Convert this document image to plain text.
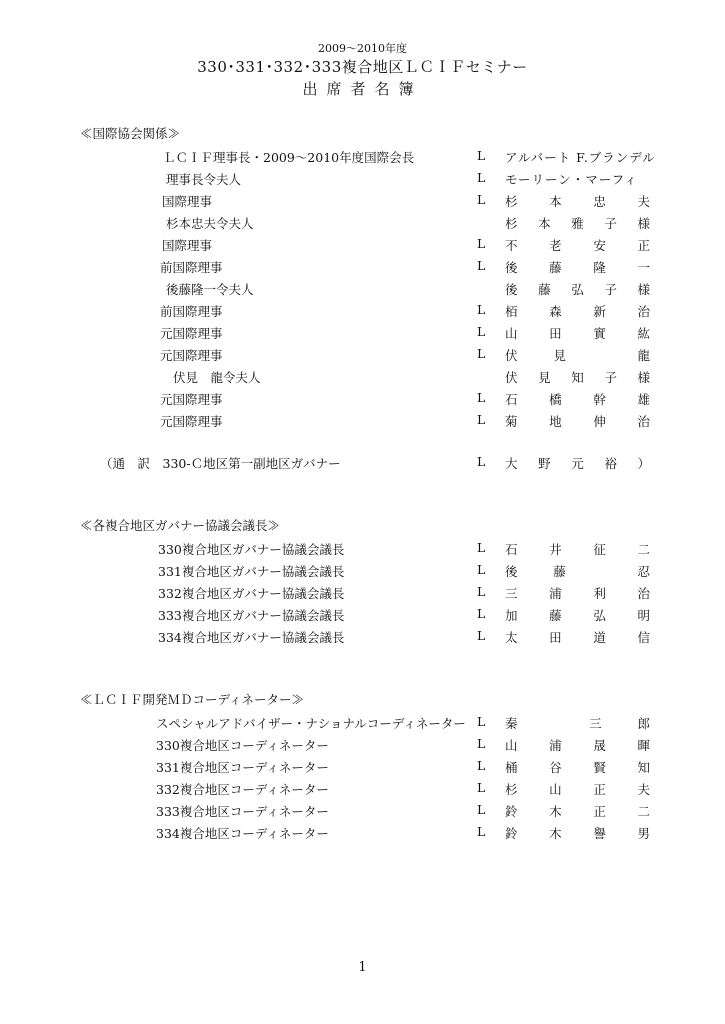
2009～2010年度
330･331･332･333複合地区ＬＣＩＦセミナー
出席者名簿
≪国際協会関係≫
ＬＣＩＦ理事長・2009～2010年度国際会長	L アルバート F.ブランデル
理事長令夫人	L モーリーン・マーフィ
国際理事	L 杉	本	忠	夫
杉本忠夫令夫人	杉 本 雅 子 様
国際理事	L 不	老	安	正
前国際理事	L 後	藤	隆	一
後藤隆一令夫人	後 藤 弘 子 様
前国際理事	L 栢	森	新	治
元国際理事	L 山	田	實	紘
元国際理事	L 伏	見	龍
伏見　龍令夫人	伏 見 知 子 様
元国際理事	L 石	橋	幹	雄
元国際理事	L 菊	地	伸	治
（通　訳　330-Ｃ地区第一副地区ガバナー	L 大 野 元 裕 ）
≪各複合地区ガバナー協議会議長≫
330複合地区ガバナー協議会議長	L 石	井	征	二
331複合地区ガバナー協議会議長	L 後	藤	忍
332複合地区ガバナー協議会議長	L 三	浦	利	治
333複合地区ガバナー協議会議長	L 加	藤	弘	明
334複合地区ガバナー協議会議長	L 太	田	道	信
≪ＬＣＩＦ開発ＭＤコーディネーター≫
スペシャルアドバイザー・ナショナルコーディネーター L 秦	三	郎
330複合地区コーディネーター	L 山	浦	晟	暉
331複合地区コーディネーター	L 桶	谷	賢	知
332複合地区コーディネーター	L 杉	山	正	夫
333複合地区コーディネーター	L 鈴	木	正	二
334複合地区コーディネーター	L 鈴	木	譽	男
1
